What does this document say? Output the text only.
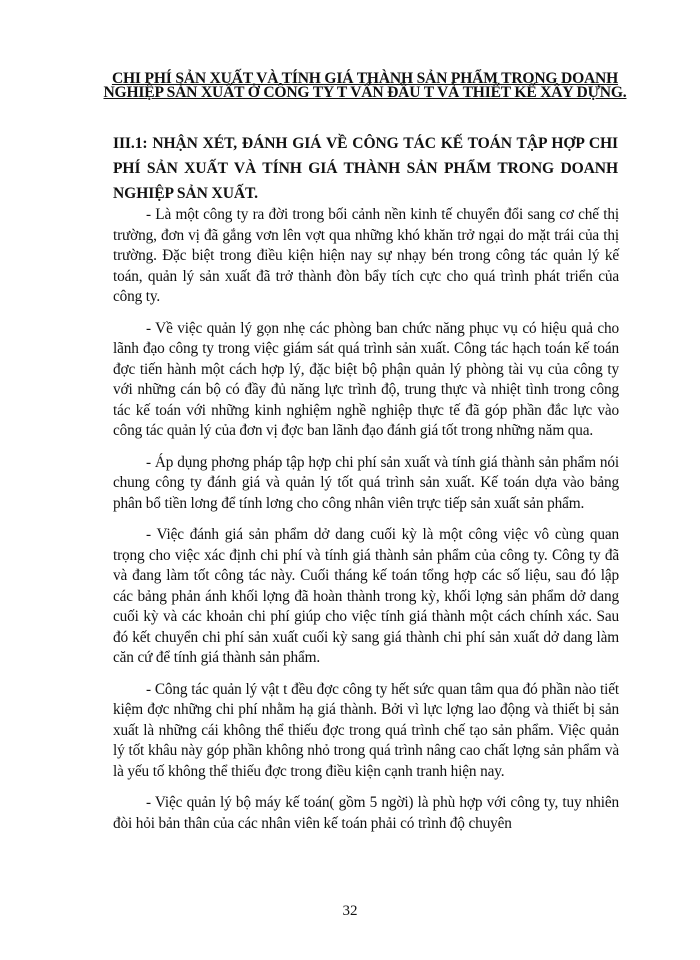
CHI PHÍ SẢN XUẤT VÀ TÍNH GIÁ THÀNH SẢN PHẨM TRONG DOANH NGHIỆP SẢN XUẤT Ở CÔNG TY T VẤN ĐẦU T VÀ THIẾT KẾ XÂY DỰNG.
III.1: NHẬN XÉT, ĐÁNH GIÁ VỀ CÔNG TÁC KẾ TOÁN TẬP HỢP CHI PHÍ SẢN XUẤT VÀ TÍNH GIÁ THÀNH SẢN PHẨM TRONG DOANH NGHIỆP SẢN XUẤT.

- Là một công ty ra đời trong bối cảnh nền kinh tế chuyển đổi sang cơ chế thị trường, đơn vị đã gắng vơn lên vợt qua những khó khăn trở ngại do mặt trái của thị trường. Đặc biệt trong điều kiện hiện nay sự nhạy bén trong công tác quản lý kế toán, quản lý sản xuất đã trở thành đòn bẩy tích cực cho quá trình phát triển của công ty.

- Về việc quản lý gọn nhẹ các phòng ban chức năng phục vụ có hiệu quả cho lãnh đạo công ty trong việc giám sát quá trình sản xuất. Công tác hạch toán kế toán đợc tiến hành một cách hợp lý, đặc biệt bộ phận quản lý phòng tài vụ của công ty với những cán bộ có đầy đủ năng lực trình độ, trung thực và nhiệt tình trong công tác kế toán với những kinh nghiệm nghề nghiệp thực tế đã góp phần đắc lực vào công tác quản lý của đơn vị đợc ban lãnh đạo đánh giá tốt trong những năm qua.

- Áp dụng phơng pháp tập hợp chi phí sản xuất và tính giá thành sản phẩm nói chung công ty đánh giá và quản lý tốt quá trình sản xuất. Kế toán dựa vào bảng phân bổ tiền lơng để tính lơng cho công nhân viên trực tiếp sản xuất sản phẩm.

- Việc đánh giá sản phẩm dở dang cuối kỳ là một công việc vô cùng quan trọng cho việc xác định chi phí và tính giá thành sản phẩm của công ty. Công ty đã và đang làm tốt công tác này. Cuối tháng kế toán tổng hợp các số liệu, sau đó lập các bảng phản ánh khối lợng đã hoàn thành trong kỳ, khối lợng sản phẩm dở dang cuối kỳ và các khoản chi phí giúp cho việc tính giá thành một cách chính xác. Sau đó kết chuyển chi phí sản xuất cuối kỳ sang giá thành chi phí sản xuất dở dang làm căn cứ để tính giá thành sản phẩm.

- Công tác quản lý vật t đều đợc công ty hết sức quan tâm qua đó phần nào tiết kiệm đợc những chi phí nhằm hạ giá thành. Bởi vì lực lợng lao động và thiết bị sản xuất là những cái không thể thiếu đợc trong quá trình chế tạo sản phẩm. Việc quản lý tốt khâu này góp phần không nhỏ trong quá trình nâng cao chất lợng sản phẩm và là yếu tố không thể thiếu đợc trong điều kiện cạnh tranh hiện nay.

- Việc quản lý bộ máy kế toán( gồm 5 ngời) là phù hợp với công ty, tuy nhiên đòi hỏi bản thân của các nhân viên kế toán phải có trình độ chuyên

32
